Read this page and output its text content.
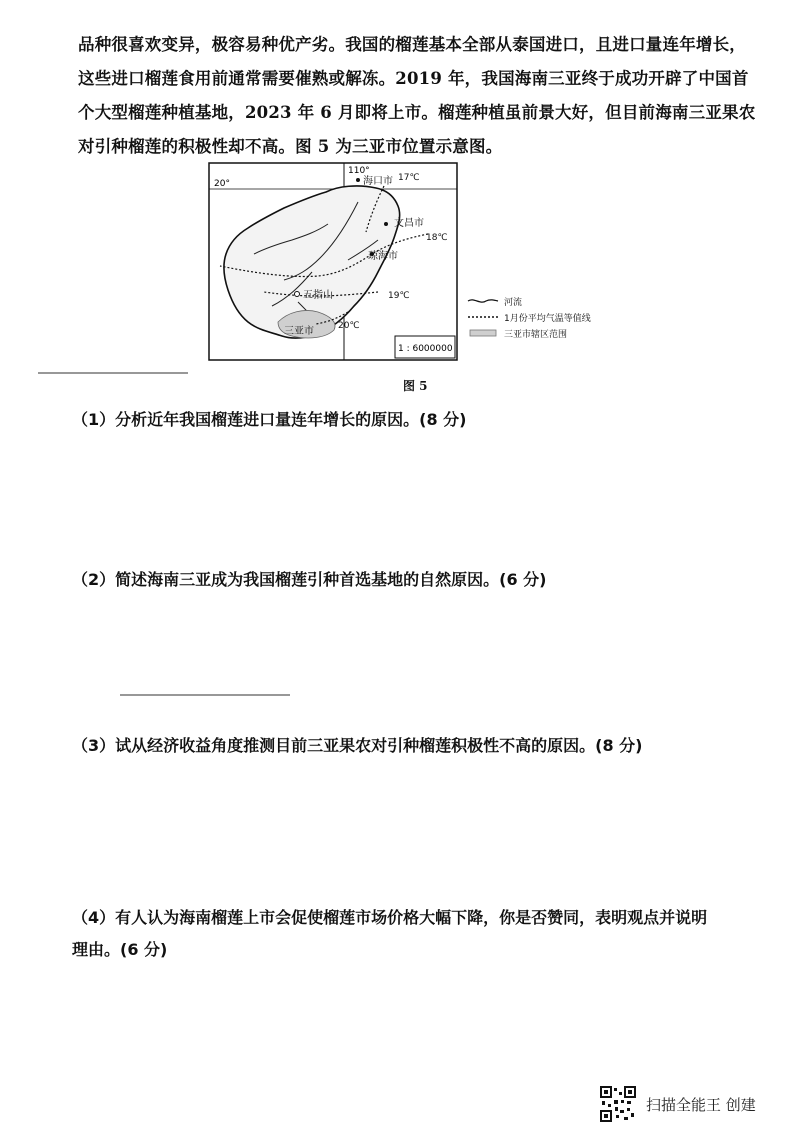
品种很喜欢变异，极容易种优产劣。我国的榴莲基本全部从泰国进口，且进口量连年增长，
这些进口榴莲食用前通常需要催熟或解冻。2019 年，我国海南三亚终于成功开辟了中国首
个大型榴莲种植基地，2023 年 6 月即将上市。榴莲种植虽前景大好，但目前海南三亚果农
对引种榴莲的积极性却不高。图 5 为三亚市位置示意图。
20°
110°
海口市
文昌市
琼海市
五指山
三亚市
17℃
18℃
19℃
20℃
1 : 6000000
河流
1月份平均气温等值线
三亚市辖区范围
图 5

（1）分析近年我国榴莲进口量连年增长的原因。(8 分)

（2）简述海南三亚成为我国榴莲引种首选基地的自然原因。(6 分)

（3）试从经济收益角度推测目前三亚果农对引种榴莲积极性不高的原因。(8 分)

（4）有人认为海南榴莲上市会促使榴莲市场价格大幅下降，你是否赞同，表明观点并说明

理由。(6 分)

扫描全能王 创建
